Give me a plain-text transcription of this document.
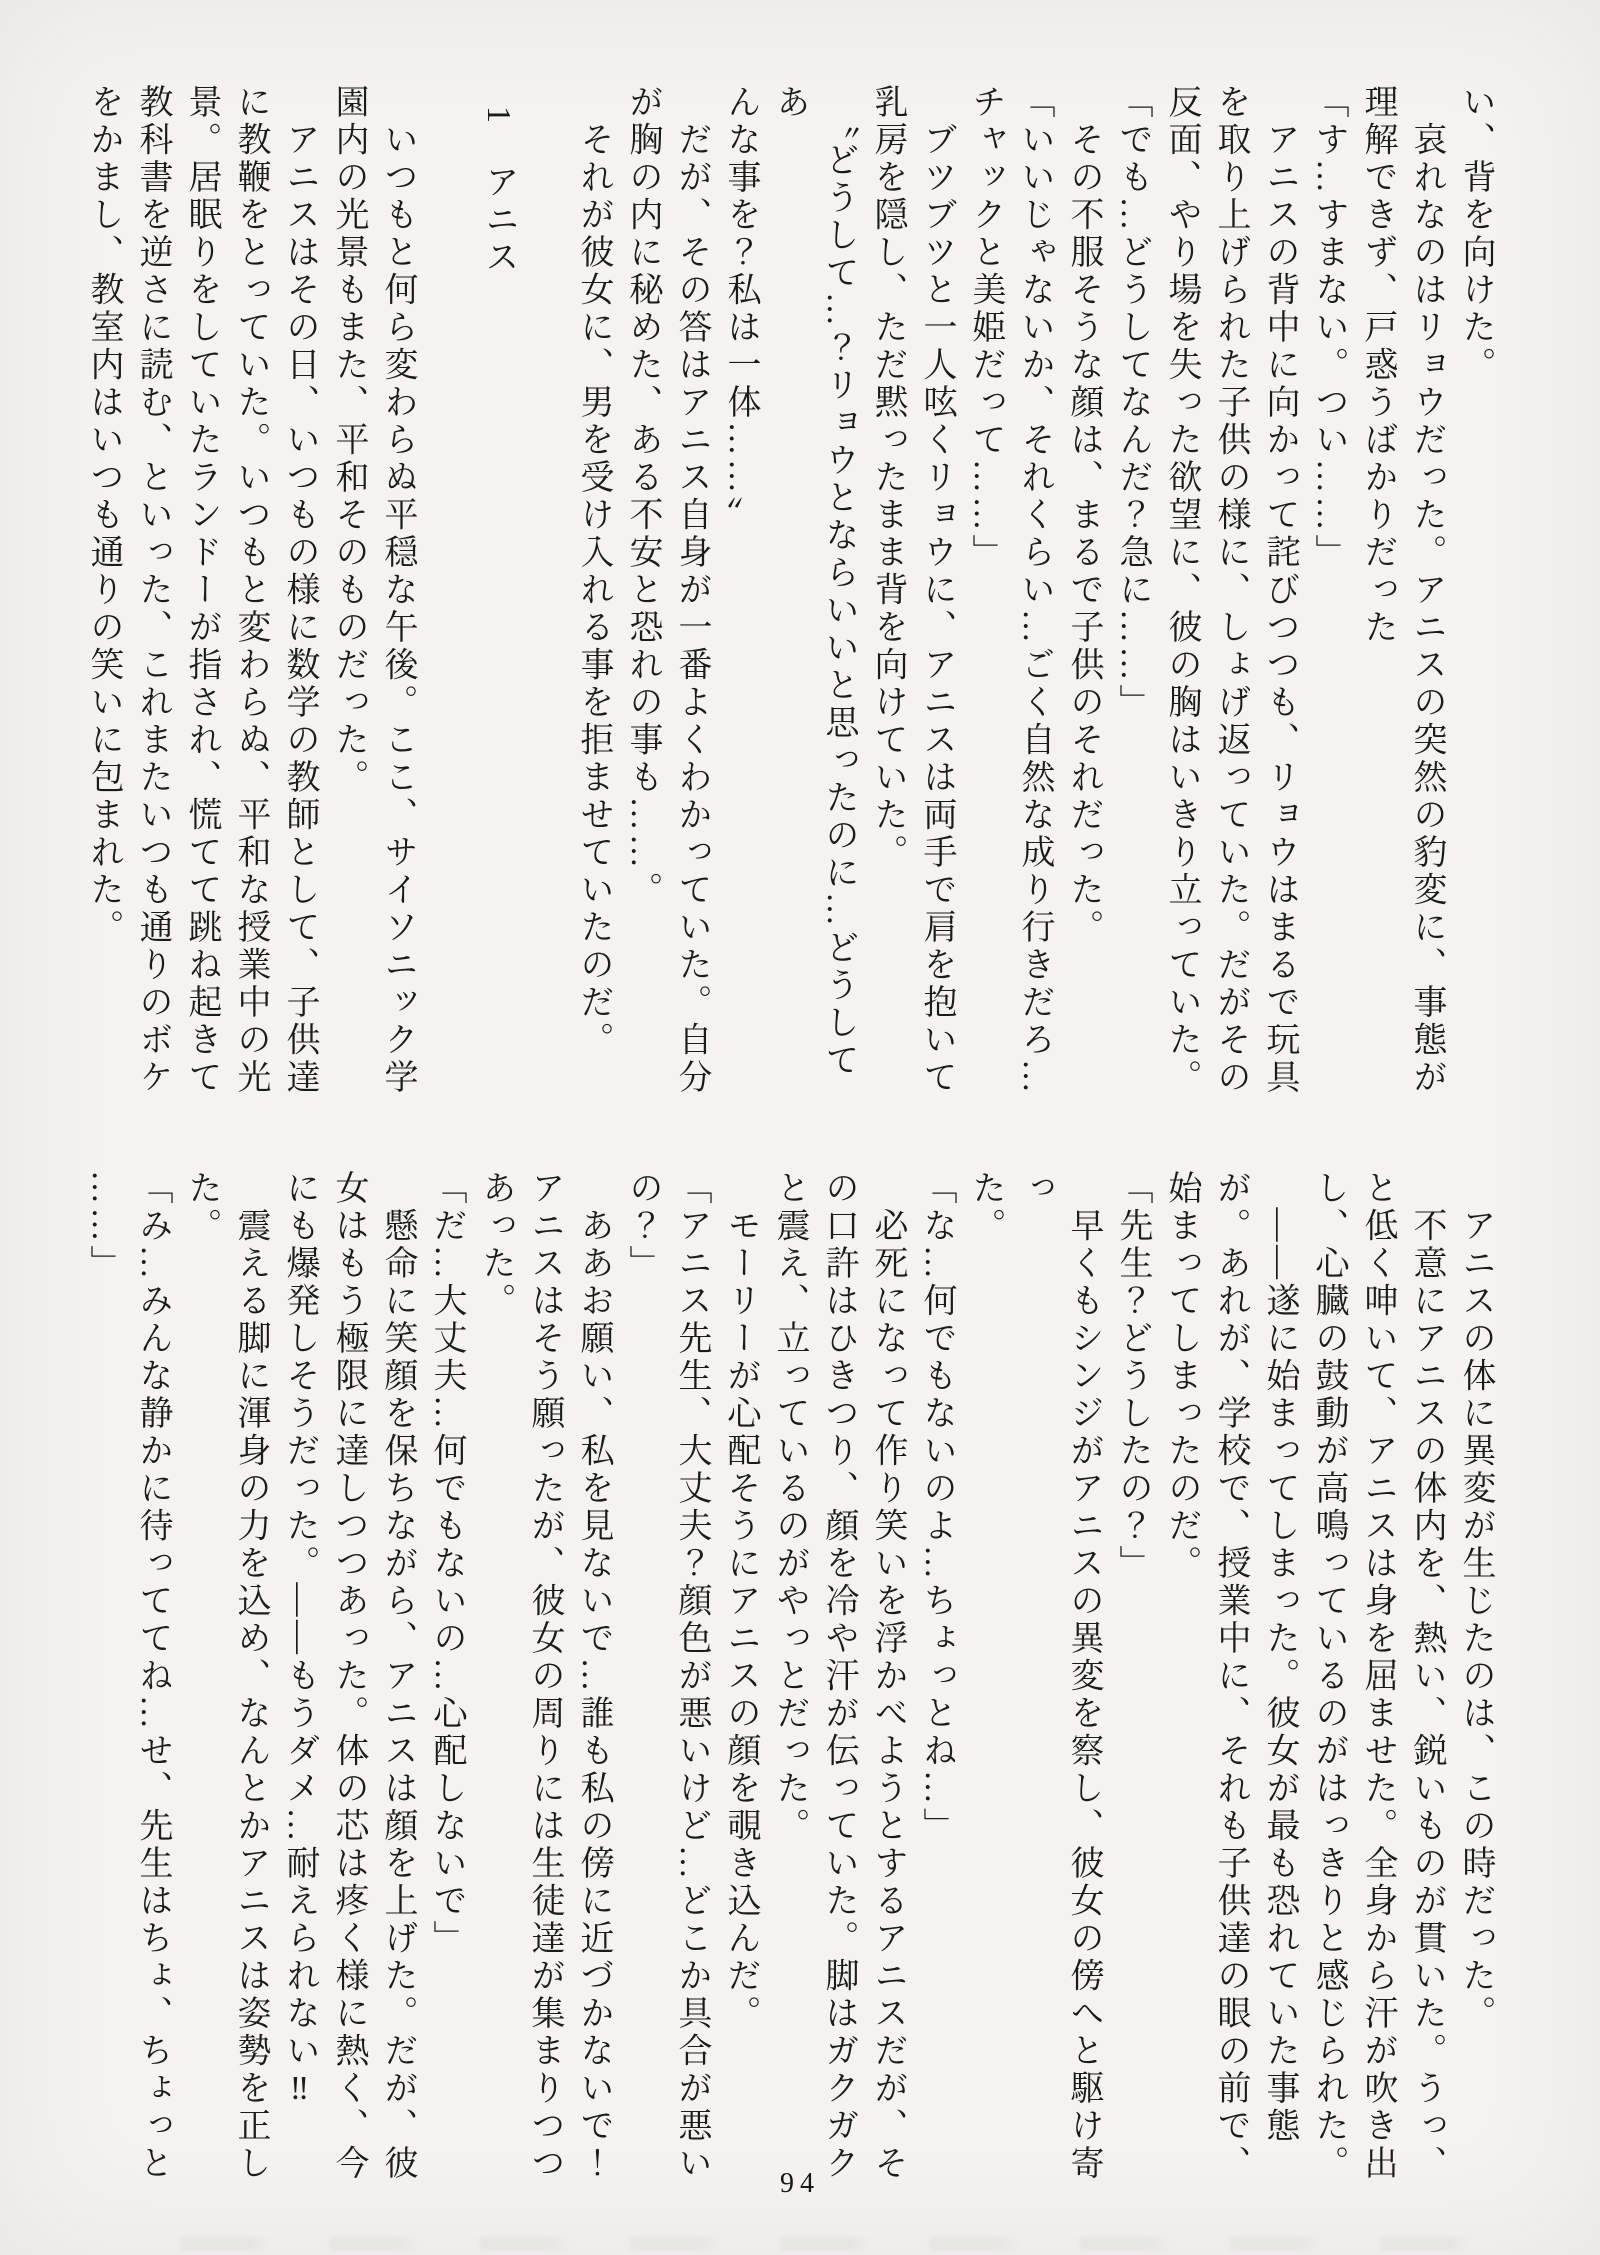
い、背を向けた。

　哀れなのはリョウだった。アニスの突然の豹変に、事態が

理解できず、戸惑うばかりだった

「す…すまない。つい……」

　アニスの背中に向かって詫びつつも、リョウはまるで玩具

を取り上げられた子供の様に、しょげ返っていた。だがその

反面、やり場を失った欲望に、彼の胸はいきり立っていた。

「でも…どうしてなんだ？急に……」

　その不服そうな顔は、まるで子供のそれだった。

「いいじゃないか、それくらい…ごく自然な成り行きだろ…

チャックと美姫だって……」

　ブツブツと一人呟くリョウに、アニスは両手で肩を抱いて

乳房を隠し、ただ黙ったまま背を向けていた。

　〝どうして…？リョウとならいいと思ったのに…どうしてあ

んな事を？私は一体……〟

　だが、その答はアニス自身が一番よくわかっていた。自分

が胸の内に秘めた、ある不安と恐れの事も……。

　それが彼女に、男を受け入れる事を拒ませていたのだ。

1　アニス

　いつもと何ら変わらぬ平穏な午後。ここ、サイソニック学

園内の光景もまた、平和そのものだった。

　アニスはその日、いつもの様に数学の教師として、子供達

に教鞭をとっていた。いつもと変わらぬ、平和な授業中の光

景。居眠りをしていたランドーが指され、慌てて跳ね起きて

教科書を逆さに読む、といった、これまたいつも通りのボケ

をかまし、教室内はいつも通りの笑いに包まれた。

　アニスの体に異変が生じたのは、この時だった。

　不意にアニスの体内を、熱い、鋭いものが貫いた。うっ、

と低く呻いて、アニスは身を屈ませた。全身から汗が吹き出

し、心臓の鼓動が高鳴っているのがはっきりと感じられた。

　――遂に始まってしまった。彼女が最も恐れていた事態

が。あれが、学校で、授業中に、それも子供達の眼の前で、

始まってしまったのだ。

「先生？どうしたの？」

　早くもシンジがアニスの異変を察し、彼女の傍へと駆け寄っ

た。

「な…何でもないのよ…ちょっとね…」

　必死になって作り笑いを浮かべようとするアニスだが、そ

の口許はひきつり、顔を冷や汗が伝っていた。脚はガクガク

と震え、立っているのがやっとだった。

　モーリーが心配そうにアニスの顔を覗き込んだ。

「アニス先生、大丈夫？顔色が悪いけど…どこか具合が悪い

の？」

　ああお願い、私を見ないで…誰も私の傍に近づかないで！

アニスはそう願ったが、彼女の周りには生徒達が集まりつつ

あった。

「だ…大丈夫…何でもないの…心配しないで」

　懸命に笑顔を保ちながら、アニスは顔を上げた。だが、彼

女はもう極限に達しつつあった。体の芯は疼く様に熱く、今

にも爆発しそうだった。――もうダメ…耐えられない‼

　震える脚に渾身の力を込め、なんとかアニスは姿勢を正し

た。

「み…みんな静かに待っててね…せ、先生はちょ、ちょっと

……」

94
